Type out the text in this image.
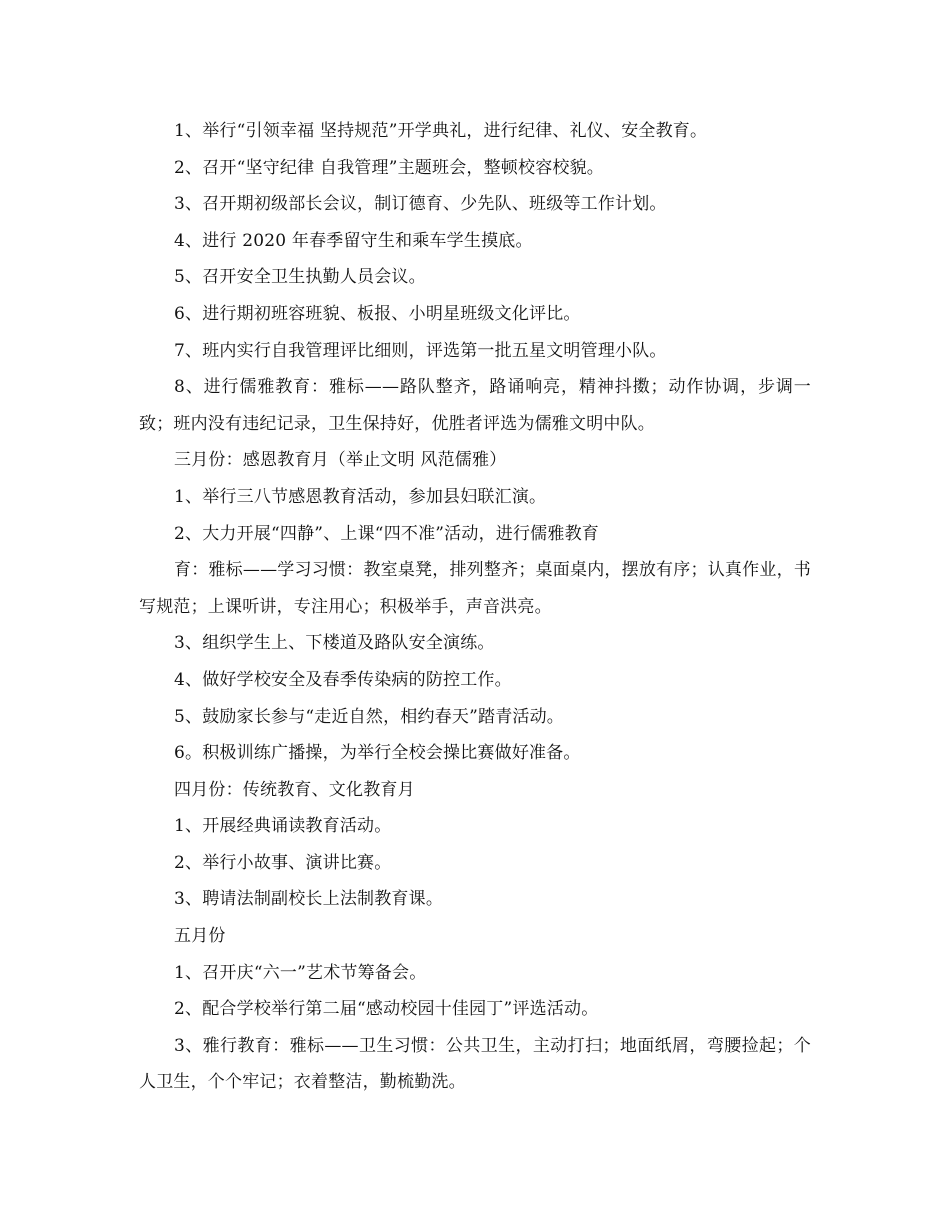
1、举行“引领幸福 坚持规范”开学典礼，进行纪律、礼仪、安全教育。

2、召开“坚守纪律 自我管理”主题班会，整顿校容校貌。

3、召开期初级部长会议，制订德育、少先队、班级等工作计划。

4、进行 2020 年春季留守生和乘车学生摸底。

5、召开安全卫生执勤人员会议。

6、进行期初班容班貌、板报、小明星班级文化评比。

7、班内实行自我管理评比细则，评选第一批五星文明管理小队。

8、进行儒雅教育：雅标——路队整齐，路诵响亮，精神抖擞；动作协调，步调一致；班内没有违纪记录，卫生保持好，优胜者评选为儒雅文明中队。

三月份：感恩教育月（举止文明 风范儒雅）

1、举行三八节感恩教育活动，参加县妇联汇演。

2、大力开展“四静”、上课“四不准”活动，进行儒雅教育

育：雅标——学习习惯：教室桌凳，排列整齐；桌面桌内，摆放有序；认真作业，书写规范；上课听讲，专注用心；积极举手，声音洪亮。

3、组织学生上、下楼道及路队安全演练。

4、做好学校安全及春季传染病的防控工作。

5、鼓励家长参与“走近自然，相约春天”踏青活动。

6。积极训练广播操，为举行全校会操比赛做好准备。

四月份：传统教育、文化教育月

1、开展经典诵读教育活动。

2、举行小故事、演讲比赛。

3、聘请法制副校长上法制教育课。

五月份

1、召开庆“六一”艺术节筹备会。

2、配合学校举行第二届“感动校园十佳园丁”评选活动。

3、雅行教育：雅标——卫生习惯：公共卫生，主动打扫；地面纸屑，弯腰捡起；个人卫生，个个牢记；衣着整洁，勤梳勤洗。
